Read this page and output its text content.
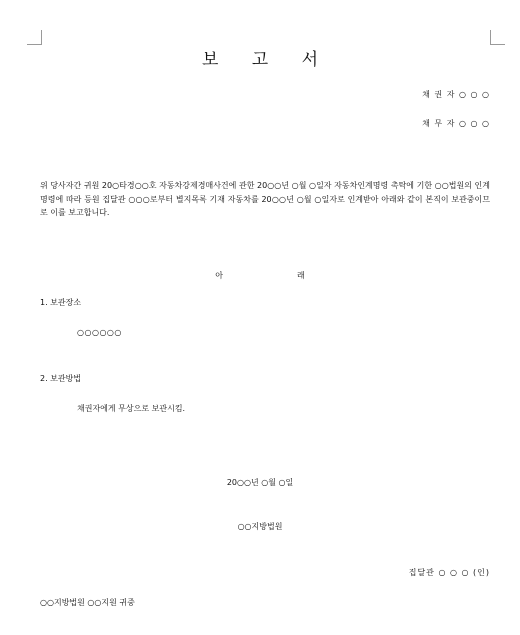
보 고 서
채 권 자 ○ ○ ○
채 무 자 ○ ○ ○
위 당사자간 귀원 20○타경○○호 자동차강제경매사건에 관한 20○○년 ○월 ○일자 자동차인계명령 촉탁에 기한 ○○법원의 인계명령에 따라 등원 집달관 ○○○로부터 별지목록 기재 자동차를 20○○년 ○월 ○일자로 인계받아 아래와 같이 본직이 보관중이므로 이를 보고합니다.
아	래
1. 보관장소
○○○○○○
2. 보관방법
채권자에게 무상으로 보관시킴.
20○○년 ○월 ○일
○○지방법원
집달관 ○ ○ ○ (인)
○○지방법원 ○○지원 귀중
